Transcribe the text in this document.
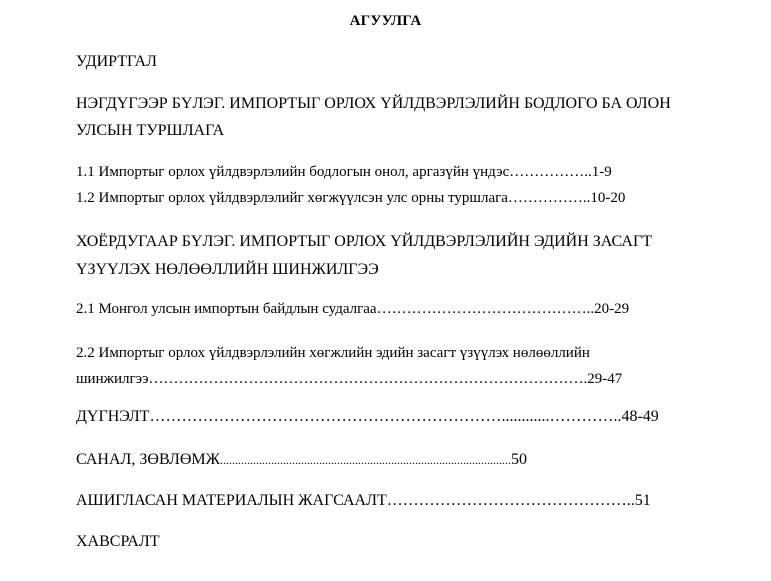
АГУУЛГА
УДИРТГАЛ
НЭГДҮГЭЭР БҮЛЭГ. ИМПОРТЫГ ОРЛОХ ҮЙЛДВЭРЛЭЛИЙН БОДЛОГО БА ОЛОН
УЛСЫН ТУРШЛАГА
1.1 Импортыг орлох үйлдвэрлэлийн бодлогын онол, аргазүйн үндэс……………..1-9
1.2 Импортыг орлох үйлдвэрлэлийг хөгжүүлсэн улс орны туршлага……………..10-20
ХОЁРДУГААР БҮЛЭГ. ИМПОРТЫГ ОРЛОХ ҮЙЛДВЭРЛЭЛИЙН ЭДИЙН ЗАСАГТ
ҮЗҮҮЛЭХ НӨЛӨӨЛЛИЙН ШИНЖИЛГЭЭ
2.1 Монгол улсын импортын байдлын судалгаа……………………………………..20-29
2.2 Импортыг орлох үйлдвэрлэлийн хөгжлийн эдийн засагт үзүүлэх нөлөөллийн
шинжилгээ…………………………………………………………………………….29-47
ДҮГНЭЛТ…………………………………………………………............…………..48-49
САНАЛ, ЗӨВЛӨМЖ.................................................................................................50
АШИГЛАСАН МАТЕРИАЛЫН ЖАГСААЛТ………………………………………..51
ХАВСРАЛТ
